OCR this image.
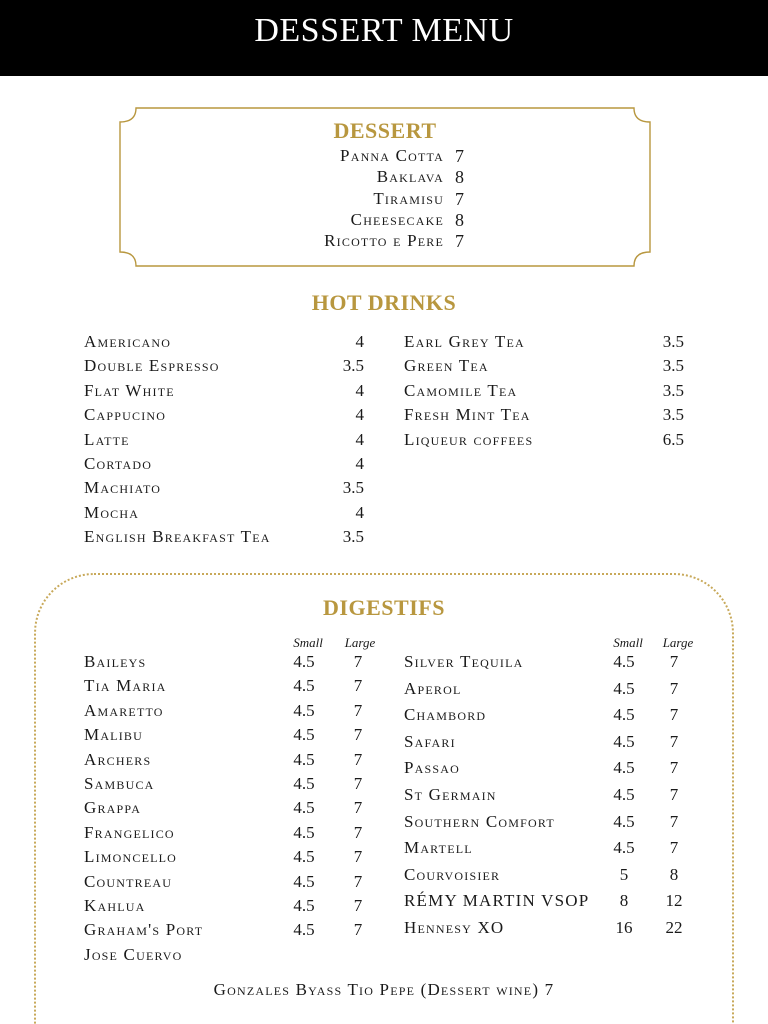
DESSERT MENU
DESSERT
Panna Cotta 7
Baklava 8
Tiramisu 7
Cheesecake 8
Ricotto e Pere 7
HOT DRINKS
Americano	4
Double Espresso	3.5
Flat White	4
Cappucino	4
Latte	4
Cortado	4
Machiato	3.5
Mocha	4
English Breakfast Tea	3.5
Earl Grey Tea	3.5
Green Tea	3.5
Camomile Tea	3.5
Fresh Mint Tea	3.5
Liqueur coffees	6.5
DIGESTIFS
Small	Large	Small	Large
Baileys	4.5	7
Tia Maria	4.5	7
Amaretto	4.5	7
Malibu	4.5	7
Archers	4.5	7
Sambuca	4.5	7
Grappa	4.5	7
Frangelico	4.5	7
Limoncello	4.5	7
Countreau	4.5	7
Kahlua	4.5	7
Graham's Port	4.5	7
Jose Cuervo
Silver Tequila	4.5	7
Aperol	4.5	7
Chambord	4.5	7
Safari	4.5	7
Passao	4.5	7
St Germain	4.5	7
Southern Comfort	4.5	7
Martell	4.5	7
Courvoisier	5	8
RÉMY MARTIN VSOP	8	12
Hennesy XO	16	22
Gonzales Byass Tio Pepe (Dessert wine) 7
